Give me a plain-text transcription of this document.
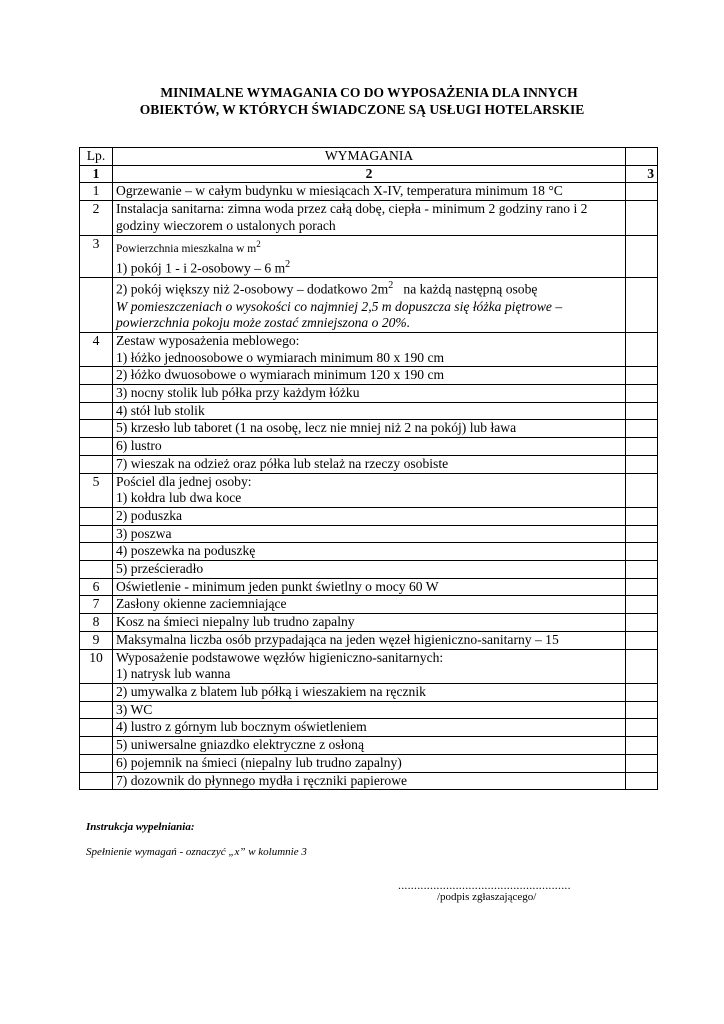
MINIMALNE WYMAGANIA CO DO WYPOSAŻENIA DLA INNYCH
OBIEKTÓW, W KTÓRYCH ŚWIADCZONE SĄ USŁUGI HOTELARSKIE
Lp.	WYMAGANIA	
1	2	3
1	Ogrzewanie – w całym budynku w miesiącach X-IV, temperatura minimum 18 °C	

2	Instalacja sanitarna: zimna woda przez całą dobę, ciepła - minimum 2 godziny rano i 2 godziny wieczorem o ustalonych porach	

3	Powierzchnia mieszkalna w $m^2$
1) pokój 1 - i 2-osobowy – 6 $m^2$

	2) pokój większy niż 2-osobowy – dodatkowo $2m^2$   na każdą następną osobę
W pomieszczeniach o wysokości co najmniej 2,5 m dopuszcza się łóżka piętrowe – powierzchnia pokoju może zostać zmniejszona o 20%.	

4	Zestaw wyposażenia meblowego:
1) łóżko jednoosobowe o wymiarach minimum 80 x 190 cm	

	2) łóżko dwuosobowe o wymiarach minimum 120 x 190 cm	

	3) nocny stolik lub półka przy każdym łóżku	

	4) stół lub stolik	

	5) krzesło lub taboret (1 na osobę, lecz nie mniej niż 2 na pokój) lub ława	

	6) lustro	

	7) wieszak na odzież oraz półka lub stelaż na rzeczy osobiste	

5	Pościel dla jednej osoby:
1) kołdra lub dwa koce	

	2) poduszka	

	3) poszwa	

	4) poszewka na poduszkę	

	5) prześcieradło	

6	Oświetlenie - minimum jeden punkt świetlny o mocy 60 W	

7	Zasłony okienne zaciemniające	

8	Kosz na śmieci niepalny lub trudno zapalny	

9	Maksymalna liczba osób przypadająca na jeden węzeł higieniczno-sanitarny – 15	

10	Wyposażenie podstawowe węzłów higieniczno-sanitarnych:
1) natrysk lub wanna	

	2) umywalka z blatem lub półką i wieszakiem na ręcznik	

	3) WC	

	4) lustro z górnym lub bocznym oświetleniem	

	5) uniwersalne gniazdko elektryczne z osłoną	

	6) pojemnik na śmieci (niepalny lub trudno zapalny)	

	7) dozownik do płynnego mydła i ręczniki papierowe	

Instrukcja wypełniania:
Spełnienie wymagań - oznaczyć „x” w kolumnie 3
......................................................
/podpis zgłaszającego/
